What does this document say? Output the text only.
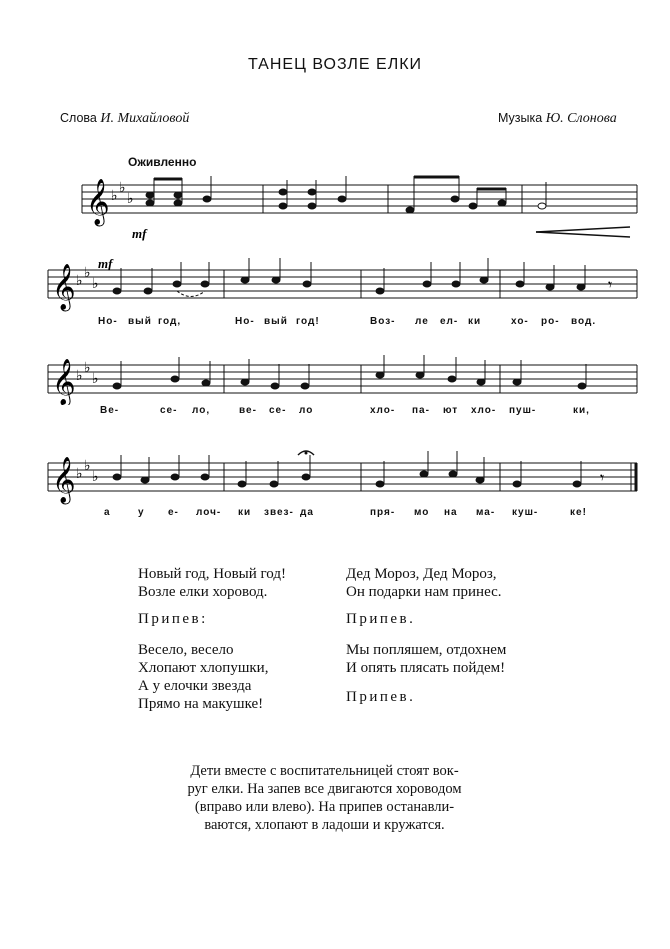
ТАНЕЦ ВОЗЛЕ ЕЛКИ
Слова И. Михайловой	Музыка Ю. Слонова
Оживленно
𝄞 ♭ ♭
♭
mf
𝄞 ♭ ♭
♭
mf
𝄾
Но- вый год,	Но- вый год!	Воз- ле ел- ки	хо- ро- вод.
𝄞 ♭ ♭
♭
Ве-	се- ло,	ве- се- ло	хло- па- ют хло- пуш-	ки,
𝄞 ♭ ♭
♭	𝄾
а	у е- лоч- ки звез- да	пря- мо на ма- куш-	ке!
Новый год, Новый год!
Возле елки хоровод.
Припев:
Весело, весело
Хлопают хлопушки,
А у елочки звезда
Прямо на макушке!
Дед Мороз, Дед Мороз,
Он подарки нам принес.
Припев.
Мы попляшем, отдохнем
И опять плясать пойдем!
Припев.
Дети вместе с воспитательницей стоят вок-
руг елки. На запев все двигаются хороводом
(вправо или влево). На припев останавли-
ваются, хлопают в ладоши и кружатся.
